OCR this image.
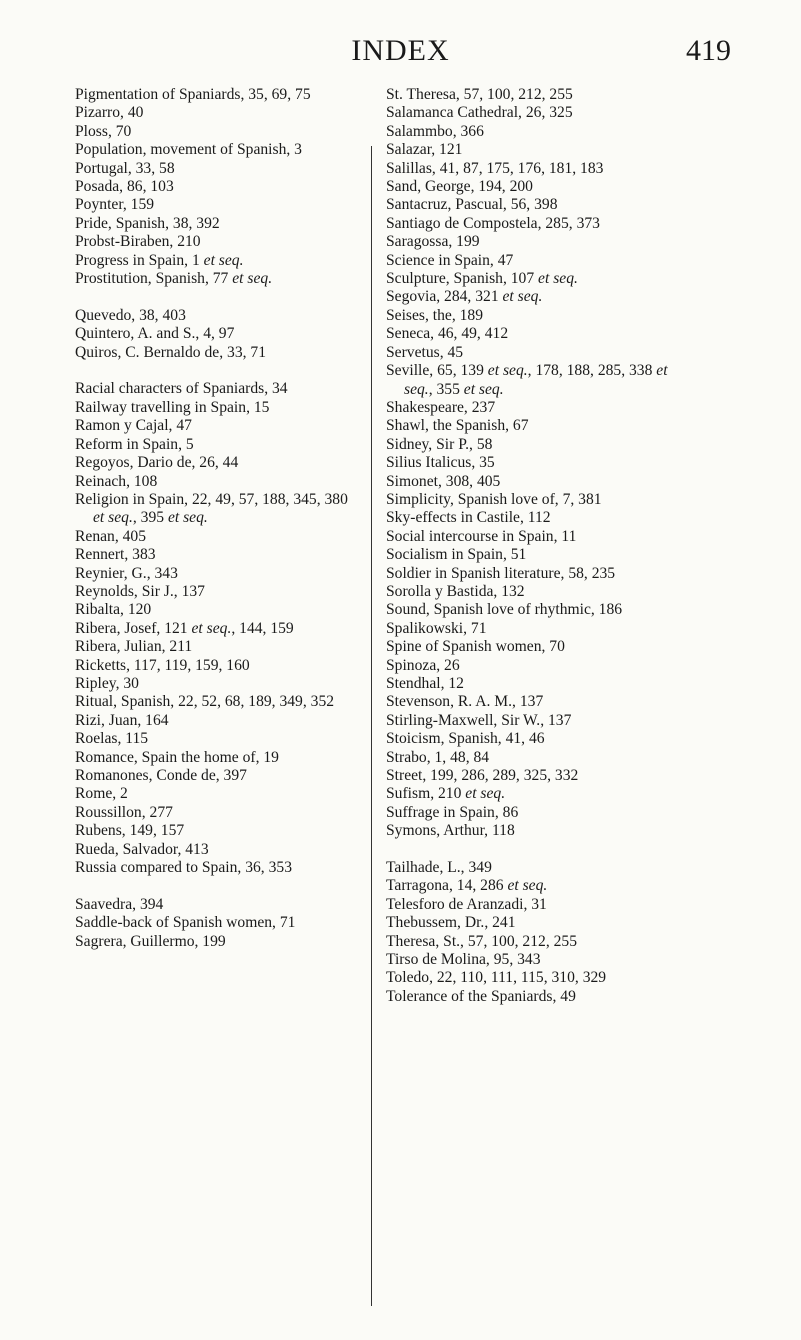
INDEX	419

Pigmentation of Spaniards, 35, 69, 75

Pizarro, 40

Ploss, 70

Population, movement of Spanish, 3

Portugal, 33, 58

Posada, 86, 103

Poynter, 159

Pride, Spanish, 38, 392

Probst-Biraben, 210

Progress in Spain, 1 et seq.

Prostitution, Spanish, 77 et seq.

Quevedo, 38, 403

Quintero, A. and S., 4, 97

Quiros, C. Bernaldo de, 33, 71

Racial characters of Spaniards, 34

Railway travelling in Spain, 15

Ramon y Cajal, 47

Reform in Spain, 5

Regoyos, Dario de, 26, 44

Reinach, 108

Religion in Spain, 22, 49, 57, 188, 345, 380 et seq., 395 et seq.

Renan, 405

Rennert, 383

Reynier, G., 343

Reynolds, Sir J., 137

Ribalta, 120

Ribera, Josef, 121 et seq., 144, 159

Ribera, Julian, 211

Ricketts, 117, 119, 159, 160

Ripley, 30

Ritual, Spanish, 22, 52, 68, 189, 349, 352

Rizi, Juan, 164

Roelas, 115

Romance, Spain the home of, 19

Romanones, Conde de, 397

Rome, 2

Roussillon, 277

Rubens, 149, 157

Rueda, Salvador, 413

Russia compared to Spain, 36, 353

Saavedra, 394

Saddle-back of Spanish women, 71

Sagrera, Guillermo, 199

St. Theresa, 57, 100, 212, 255

Salamanca Cathedral, 26, 325

Salammbo, 366

Salazar, 121

Salillas, 41, 87, 175, 176, 181, 183

Sand, George, 194, 200

Santacruz, Pascual, 56, 398

Santiago de Compostela, 285, 373

Saragossa, 199

Science in Spain, 47

Sculpture, Spanish, 107 et seq.

Segovia, 284, 321 et seq.

Seises, the, 189

Seneca, 46, 49, 412

Servetus, 45

Seville, 65, 139 et seq., 178, 188, 285, 338 et seq., 355 et seq.

Shakespeare, 237

Shawl, the Spanish, 67

Sidney, Sir P., 58

Silius Italicus, 35

Simonet, 308, 405

Simplicity, Spanish love of, 7, 381

Sky-effects in Castile, 112

Social intercourse in Spain, 11

Socialism in Spain, 51

Soldier in Spanish literature, 58, 235

Sorolla y Bastida, 132

Sound, Spanish love of rhythmic, 186

Spalikowski, 71

Spine of Spanish women, 70

Spinoza, 26

Stendhal, 12

Stevenson, R. A. M., 137

Stirling-Maxwell, Sir W., 137

Stoicism, Spanish, 41, 46

Strabo, 1, 48, 84

Street, 199, 286, 289, 325, 332

Sufism, 210 et seq.

Suffrage in Spain, 86

Symons, Arthur, 118

Tailhade, L., 349

Tarragona, 14, 286 et seq.

Telesforo de Aranzadi, 31

Thebussem, Dr., 241

Theresa, St., 57, 100, 212, 255

Tirso de Molina, 95, 343

Toledo, 22, 110, 111, 115, 310, 329

Tolerance of the Spaniards, 49
